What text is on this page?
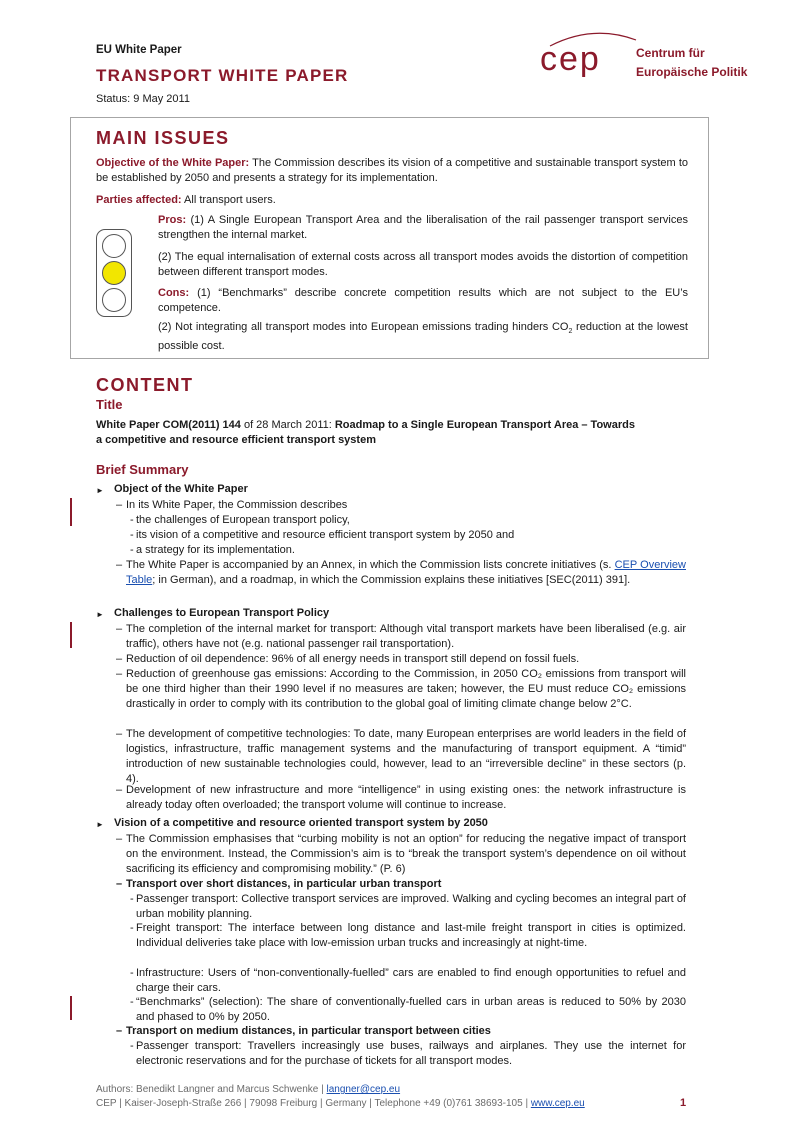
EU White Paper
TRANSPORT WHITE PAPER
Status: 9 May 2011
cep	Centrum für
Europäische Politik
MAIN ISSUES
Objective of the White Paper: The Commission describes its vision of a competitive and sustainable transport system to be established by 2050 and presents a strategy for its implementation.
Parties affected: All transport users.
Pros: (1) A Single European Transport Area and the liberalisation of the rail passenger transport services strengthen the internal market.
(2) The equal internalisation of external costs across all transport modes avoids the distortion of competition between different transport modes.
Cons: (1) “Benchmarks” describe concrete competition results which are not subject to the EU’s competence.
(2) Not integrating all transport modes into European emissions trading hinders $CO_2$ reduction at the lowest possible cost.
CONTENT
Title
White Paper COM(2011) 144 of 28 March 2011: Roadmap to a Single European Transport Area – Towards
a competitive and resource efficient transport system
Brief Summary
► Object of the White Paper
– In its White Paper, the Commission describes
- the challenges of European transport policy,
- its vision of a competitive and resource efficient transport system by 2050 and
- a strategy for its implementation.
– The White Paper is accompanied by an Annex, in which the Commission lists concrete initiatives (s. CEP Overview Table; in German), and a roadmap, in which the Commission explains these initiatives [SEC(2011) 391].
► Challenges to European Transport Policy
– The completion of the internal market for transport: Although vital transport markets have been liberalised (e.g. air traffic), others have not (e.g. national passenger rail transportation).
– Reduction of oil dependence: 96% of all energy needs in transport still depend on fossil fuels.
– Reduction of greenhouse gas emissions: According to the Commission, in 2050 CO₂ emissions from transport will be one third higher than their 1990 level if no measures are taken; however, the EU must reduce CO₂ emissions drastically in order to comply with its contribution to the global goal of limiting climate change below 2°C.
– The development of competitive technologies: To date, many European enterprises are world leaders in the field of logistics, infrastructure, traffic management systems and the manufacturing of transport equipment. A “timid” introduction of new sustainable technologies could, however, lead to an “irreversible decline” in these sectors (p. 4).
– Development of new infrastructure and more “intelligence” in using existing ones: the network infrastructure is already today often overloaded; the transport volume will continue to increase.
► Vision of a competitive and resource oriented transport system by 2050
– The Commission emphasises that “curbing mobility is not an option” for reducing the negative impact of transport on the environment. Instead, the Commission’s aim is to “break the transport system’s dependence on oil without sacrificing its efficiency and compromising mobility.” (P. 6)
– Transport over short distances, in particular urban transport
- Passenger transport: Collective transport services are improved. Walking and cycling becomes an integral part of urban mobility planning.
- Freight transport: The interface between long distance and last-mile freight transport in cities is optimized. Individual deliveries take place with low-emission urban trucks and increasingly at night-time.
- Infrastructure: Users of “non-conventionally-fuelled” cars are enabled to find enough opportunities to refuel and charge their cars.
- “Benchmarks” (selection): The share of conventionally-fuelled cars in urban areas is reduced to 50% by 2030 and phased to 0% by 2050.
– Transport on medium distances, in particular transport between cities
- Passenger transport: Travellers increasingly use buses, railways and airplanes. They use the internet for electronic reservations and for the purchase of tickets for all transport modes.
Authors: Benedikt Langner and Marcus Schwenke | langner@cep.eu
CEP | Kaiser-Joseph-Straße 266 | 79098 Freiburg | Germany | Telephone +49 (0)761 38693-105 | www.cep.eu	1
